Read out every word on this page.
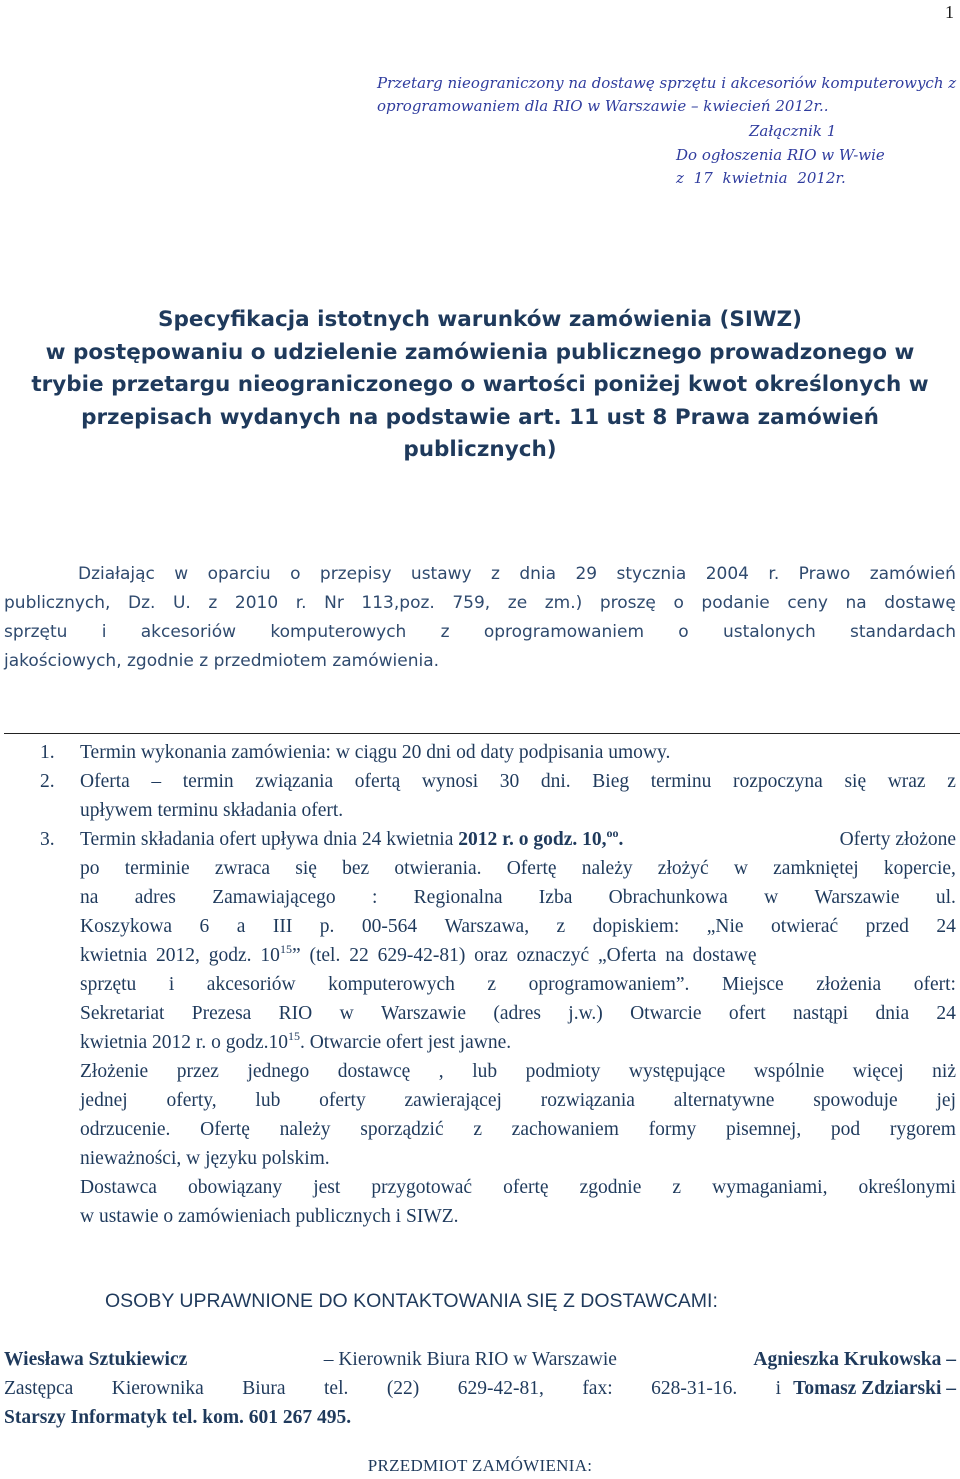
1
Przetarg nieograniczony na dostawę sprzętu i akcesoriów komputerowych z
oprogramowaniem dla RIO w Warszawie – kwiecień 2012r..
Załącznik 1
Do ogłoszenia RIO w W-wie
z 17 kwietnia 2012r.
Specyfikacja istotnych warunków zamówienia (SIWZ)
w postępowaniu o udzielenie zamówienia publicznego prowadzonego w
trybie przetargu nieograniczonego o wartości poniżej kwot określonych w
przepisach wydanych na podstawie art. 11 ust 8 Prawa zamówień
publicznych)
Działając w oparciu o przepisy ustawy z dnia 29 stycznia 2004 r. Prawo zamówień
publicznych, Dz. U. z 2010 r. Nr 113,poz. 759, ze zm.) proszę o podanie ceny na dostawę
sprzętu i akcesoriów komputerowych z oprogramowaniem o ustalonych standardach
jakościowych, zgodnie z przedmiotem zamówienia.
1. Termin wykonania zamówienia: w ciągu 20 dni od daty podpisania umowy.
2. Oferta – termin związania ofertą wynosi 30 dni. Bieg terminu rozpoczyna się wraz z
upływem terminu składania ofert.
3. Termin składania ofert upływa dnia 24 kwietnia 2012 r. o godz. 10,$^{oo}$.	Oferty złożone
po terminie zwraca się bez otwierania. Ofertę należy złożyć w zamkniętej kopercie,
na adres Zamawiającego : Regionalna Izba Obrachunkowa w Warszawie ul.
Koszykowa 6 a III p. 00-564 Warszawa, z dopiskiem: „Nie otwierać przed 24
kwietnia 2012, godz. $10^{15}$” (tel. 22 629-42-81) oraz oznaczyć „Oferta na dostawę
sprzętu i akcesoriów komputerowych z oprogramowaniem”. Miejsce złożenia ofert:
Sekretariat Prezesa RIO w Warszawie (adres j.w.) Otwarcie ofert nastąpi dnia 24
kwietnia 2012 r. o $godz.10^{15}$. Otwarcie ofert jest jawne.
Złożenie przez jednego dostawcę , lub podmioty występujące wspólnie więcej niż
jednej oferty, lub oferty zawierającej rozwiązania alternatywne spowoduje jej
odrzucenie. Ofertę należy sporządzić z zachowaniem formy pisemnej, pod rygorem
nieważności, w języku polskim.
Dostawca obowiązany jest przygotować ofertę zgodnie z wymaganiami, określonymi
w ustawie o zamówieniach publicznych i SIWZ.
OSOBY UPRAWNIONE DO KONTAKTOWANIA SIĘ Z DOSTAWCAMI:
Wiesława Sztukiewicz	– Kierownik Biura RIO w Warszawie	Agnieszka Krukowska –
Zastępca Kierownika Biura tel. (22) 629-42-81, fax: 628-31-16. i Tomasz Zdziarski –
Starszy Informatyk tel. kom. 601 267 495.
PRZEDMIOT ZAMÓWIENIA:
